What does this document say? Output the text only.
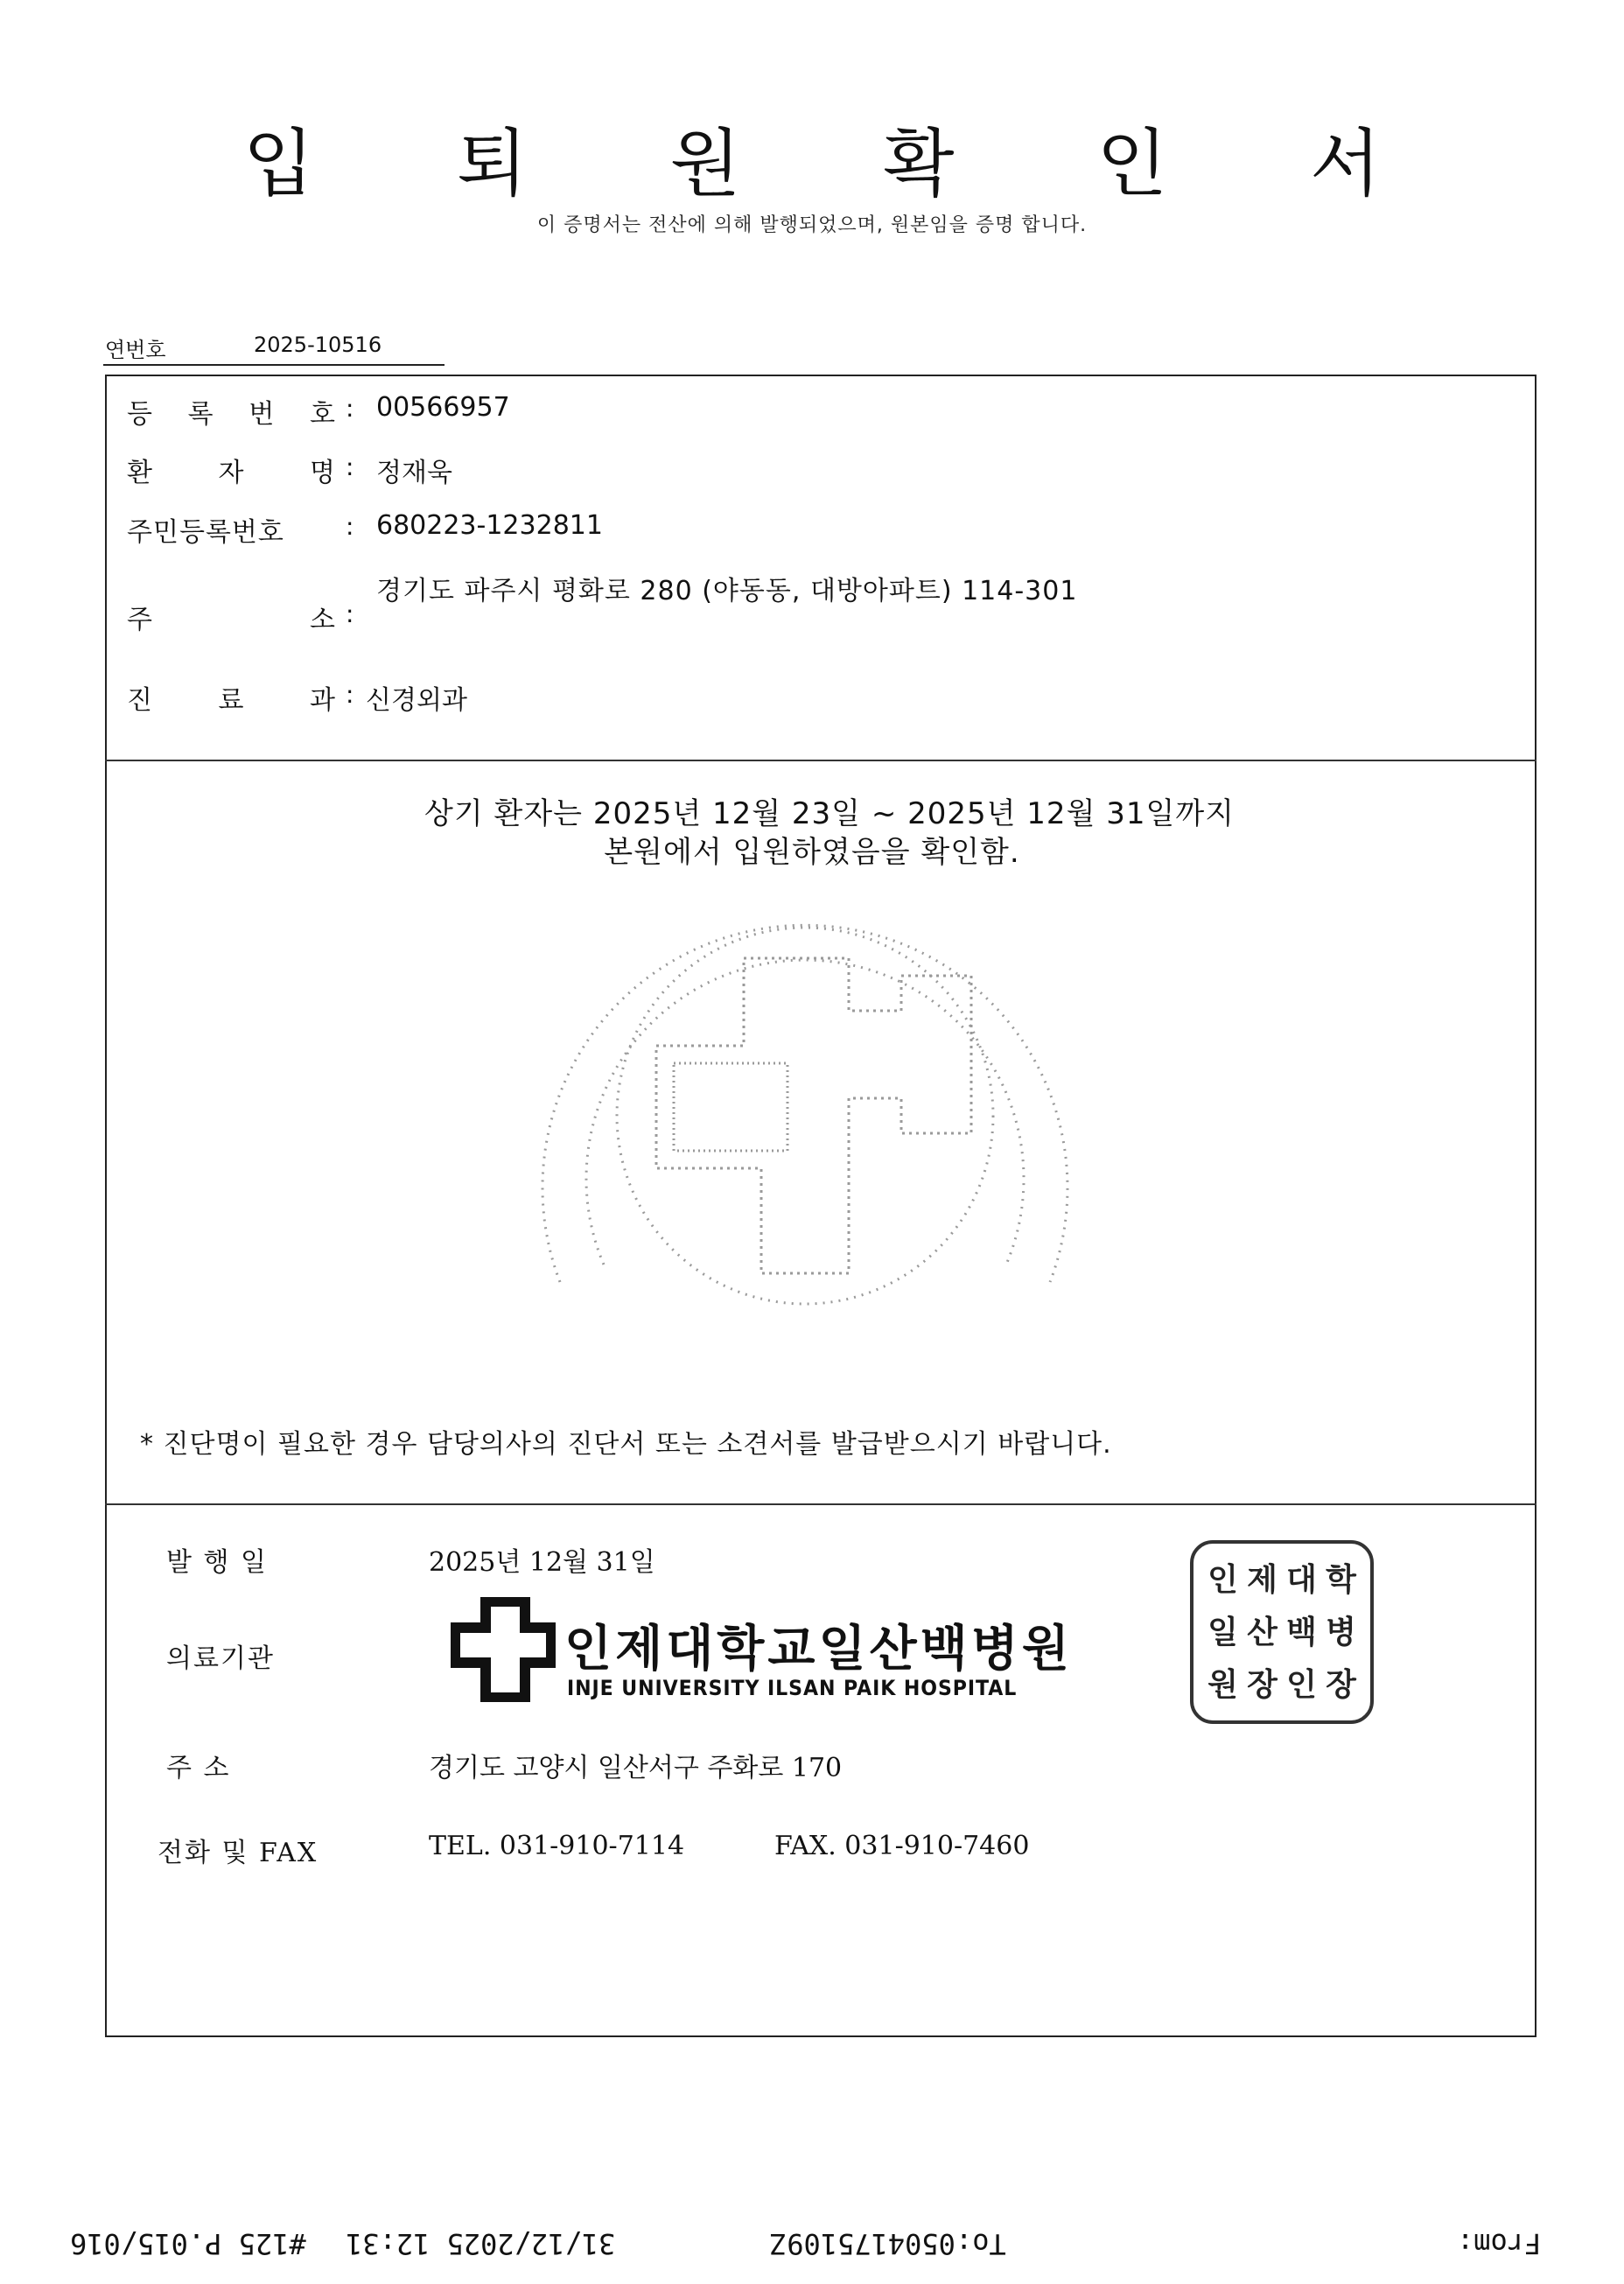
입 퇴 원 확 인 서
이 증명서는 전산에 의해 발행되었으며, 원본임을 증명 합니다.
연번호	2025-10516
등 록 번 호 : 00566957
환 자 명 : 정재욱
주민등록번호	: 680223-1232811
주	소 :
경기도 파주시 평화로 280 (야동동, 대방아파트) 114-301
진 료 과 : 신경외과
상기 환자는 2025년 12월 23일 ~ 2025년 12월 31일까지
본원에서 입원하였음을 확인함.
* 진단명이 필요한 경우 담당의사의 진단서 또는 소견서를 발급받으시기 바랍니다.
발 행 일	2025년 12월 31일
의료기관	인제대학교일산백병원
INJE UNIVERSITY ILSAN PAIK HOSPITAL
인 제 대 학
일 산 백 병
원 장 인 장
주 소	경기도 고양시 일산서구 주화로 170
전화 및 FAX	TEL. 031-910-7114	FAX. 031-910-7460
#125 P.015/016 31/12/2025 12:31	To:0504175109Ζ	From:
